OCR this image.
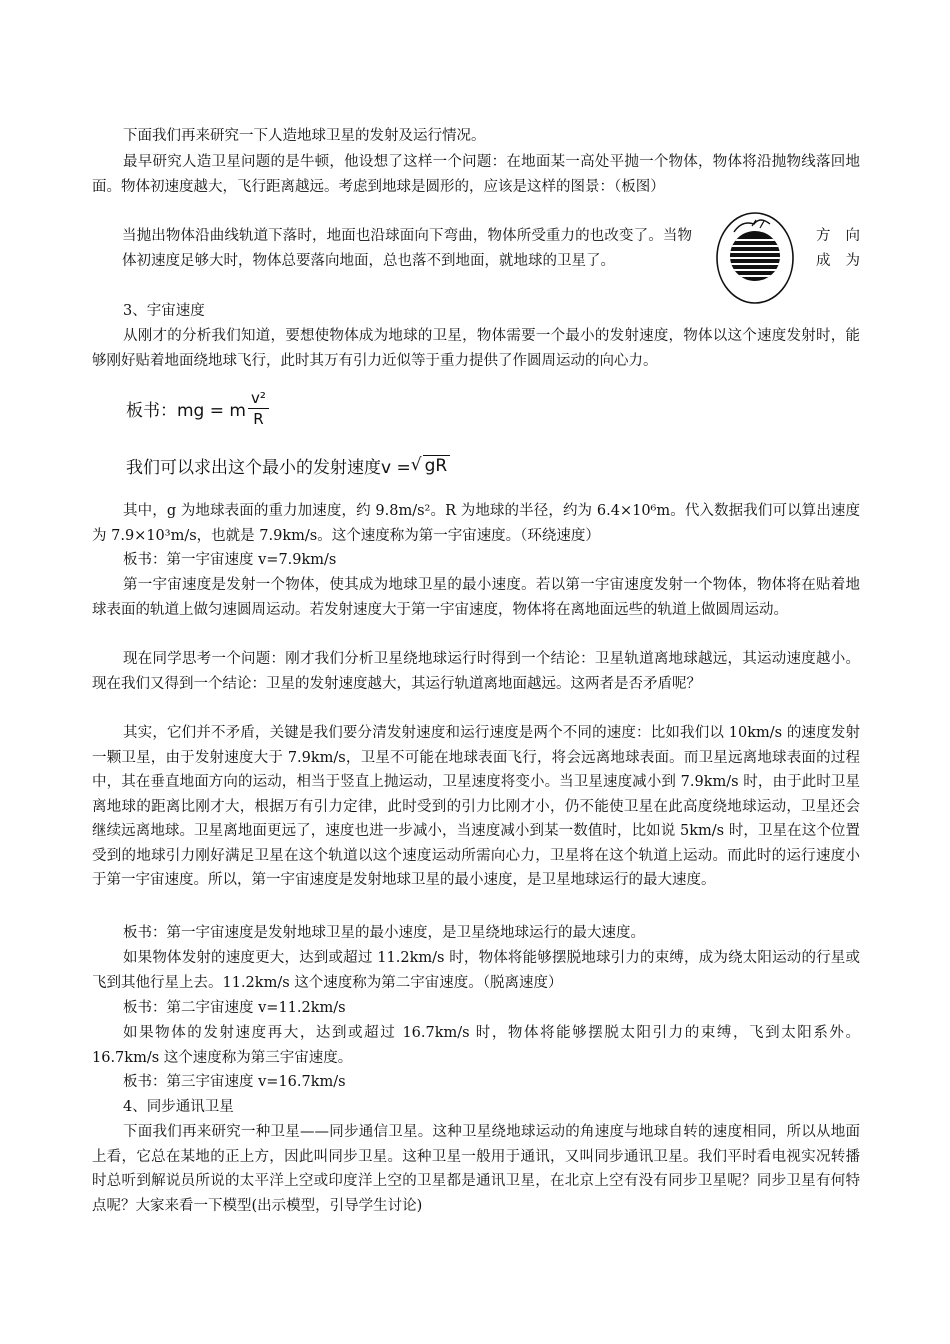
下面我们再来研究一下人造地球卫星的发射及运行情况。

最早研究人造卫星问题的是牛顿，他设想了这样一个问题：在地面某一高处平抛一个物体，物体将沿抛物线落回地面。物体初速度越大，飞行距离越远。考虑到地球是圆形的，应该是这样的图景：（板图）

当抛出物体沿曲线轨道下落时，地面也沿球面向下弯曲，物体所受重力的也改变了。当物体初速度足够大时，物体总要落向地面，总也落不到地面，就地球的卫星了。

方 向
成 为

3、宇宙速度

从刚才的分析我们知道，要想使物体成为地球的卫星，物体需要一个最小的发射速度，物体以这个速度发射时，能够刚好贴着地面绕地球飞行，此时其万有引力近似等于重力提供了作圆周运动的向心力。

板书：mg = m $\frac{\text{v²}}{R}$
我们可以求出这个最小的发射速度v = √ gR

其中，g 为地球表面的重力加速度，约 9.8m/s²。R 为地球的半径，约为 6.4×10⁶m。代入数据我们可以算出速度为 7.9×10³m/s，也就是 7.9km/s。这个速度称为第一宇宙速度。（环绕速度）

板书：第一宇宙速度 v=7.9km/s

第一宇宙速度是发射一个物体，使其成为地球卫星的最小速度。若以第一宇宙速度发射一个物体，物体将在贴着地球表面的轨道上做匀速圆周运动。若发射速度大于第一宇宙速度，物体将在离地面远些的轨道上做圆周运动。

现在同学思考一个问题：刚才我们分析卫星绕地球运行时得到一个结论：卫星轨道离地球越远，其运动速度越小。现在我们又得到一个结论：卫星的发射速度越大，其运行轨道离地面越远。这两者是否矛盾呢？

其实，它们并不矛盾，关键是我们要分清发射速度和运行速度是两个不同的速度：比如我们以 10km/s 的速度发射一颗卫星，由于发射速度大于 7.9km/s，卫星不可能在地球表面飞行，将会远离地球表面。而卫星远离地球表面的过程中，其在垂直地面方向的运动，相当于竖直上抛运动，卫星速度将变小。当卫星速度减小到 7.9km/s 时，由于此时卫星离地球的距离比刚才大，根据万有引力定律，此时受到的引力比刚才小，仍不能使卫星在此高度绕地球运动，卫星还会继续远离地球。卫星离地面更远了，速度也进一步减小，当速度减小到某一数值时，比如说 5km/s 时，卫星在这个位置受到的地球引力刚好满足卫星在这个轨道以这个速度运动所需向心力，卫星将在这个轨道上运动。而此时的运行速度小于第一宇宙速度。所以，第一宇宙速度是发射地球卫星的最小速度，是卫星地球运行的最大速度。

板书：第一宇宙速度是发射地球卫星的最小速度，是卫星绕地球运行的最大速度。

如果物体发射的速度更大，达到或超过 11.2km/s 时，物体将能够摆脱地球引力的束缚，成为绕太阳运动的行星或飞到其他行星上去。11.2km/s 这个速度称为第二宇宙速度。（脱离速度）

板书：第二宇宙速度 v=11.2km/s

如果物体的发射速度再大，达到或超过 16.7km/s 时，物体将能够摆脱太阳引力的束缚，飞到太阳系外。16.7km/s 这个速度称为第三宇宙速度。

板书：第三宇宙速度 v=16.7km/s

4、同步通讯卫星

下面我们再来研究一种卫星——同步通信卫星。这种卫星绕地球运动的角速度与地球自转的速度相同，所以从地面上看，它总在某地的正上方，因此叫同步卫星。这种卫星一般用于通讯，又叫同步通讯卫星。我们平时看电视实况转播时总听到解说员所说的太平洋上空或印度洋上空的卫星都是通讯卫星，在北京上空有没有同步卫星呢？同步卫星有何特点呢？大家来看一下模型(出示模型，引导学生讨论)
